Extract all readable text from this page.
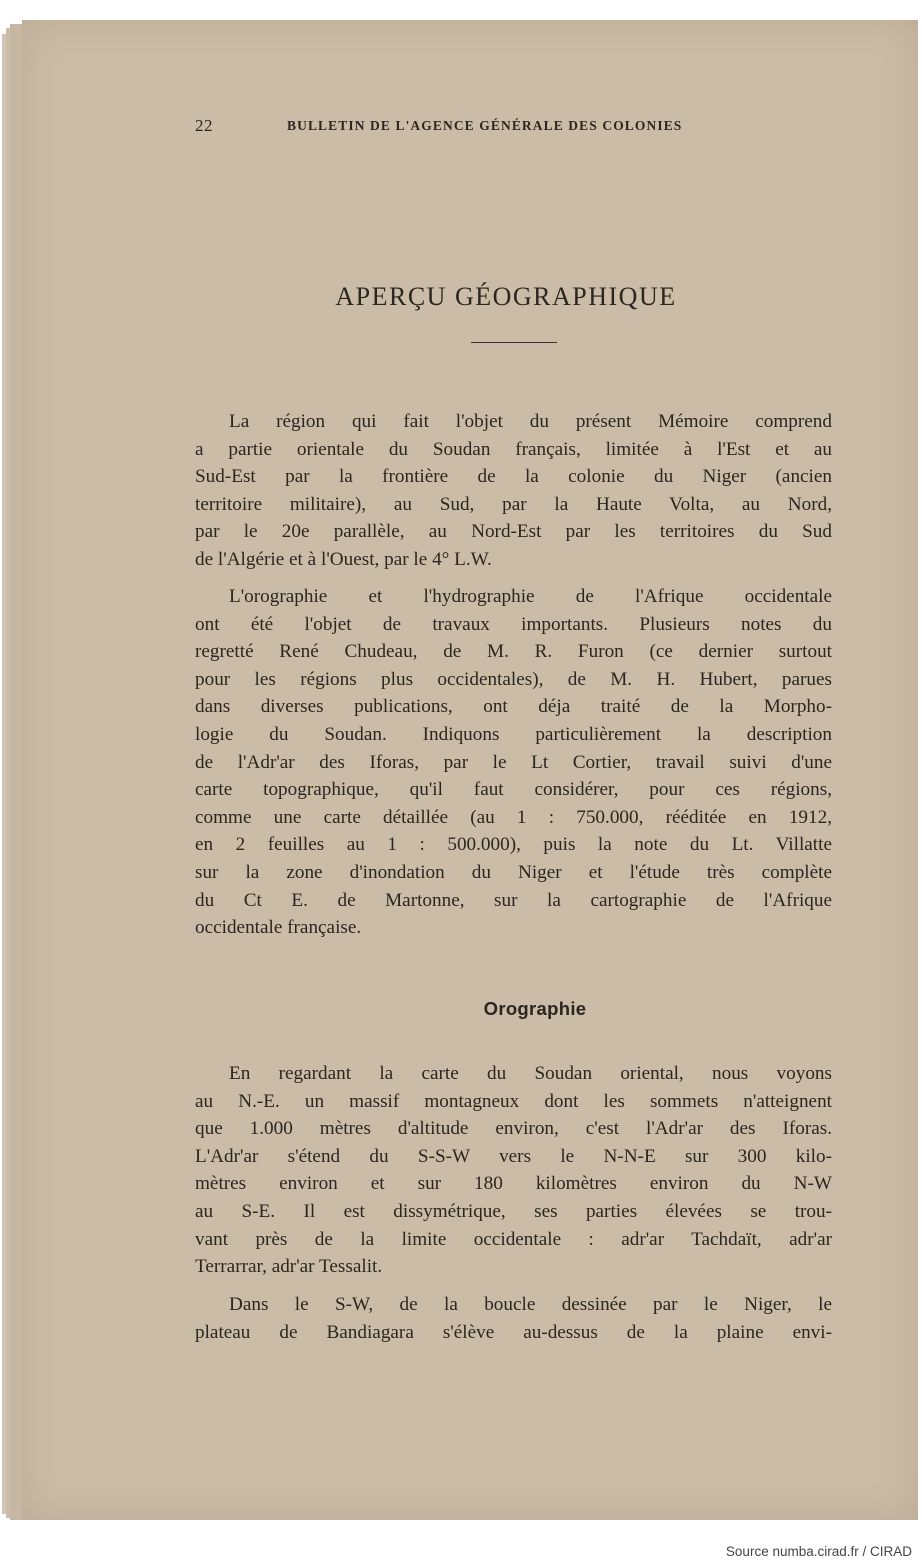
22	BULLETIN DE L'AGENCE GÉNÉRALE DES COLONIES
APERÇU GÉOGRAPHIQUE

La région qui fait l'objet du présent Mémoire comprend
a partie orientale du Soudan français, limitée à l'Est et au
Sud-Est par la frontière de la colonie du Niger (ancien
territoire militaire), au Sud, par la Haute Volta, au Nord,
par le 20e parallèle, au Nord-Est par les territoires du Sud
de l'Algérie et à l'Ouest, par le 4° L.W.

L'orographie et l'hydrographie de l'Afrique occidentale
ont été l'objet de travaux importants. Plusieurs notes du
regretté René Chudeau, de M. R. Furon (ce dernier surtout
pour les régions plus occidentales), de M. H. Hubert, parues
dans diverses publications, ont déja traité de la Morpho-
logie du Soudan. Indiquons particulièrement la description
de l'Adr'ar des Iforas, par le Lt Cortier, travail suivi d'une
carte topographique, qu'il faut considérer, pour ces régions,
comme une carte détaillée (au 1 : 750.000, rééditée en 1912,
en 2 feuilles au 1 : 500.000), puis la note du Lt. Villatte
sur la zone d'inondation du Niger et l'étude très complète
du Ct E. de Martonne, sur la cartographie de l'Afrique
occidentale française.

Orographie

En regardant la carte du Soudan oriental, nous voyons
au N.-E. un massif montagneux dont les sommets n'atteignent
que 1.000 mètres d'altitude environ, c'est l'Adr'ar des Iforas.
L'Adr'ar s'étend du S-S-W vers le N-N-E sur 300 kilo-
mètres environ et sur 180 kilomètres environ du N-W
au S-E. Il est dissymétrique, ses parties élevées se trou-
vant près de la limite occidentale : adr'ar Tachdaït, adr'ar
Terrarrar, adr'ar Tessalit.

Dans le S-W, de la boucle dessinée par le Niger, le
plateau de Bandiagara s'élève au-dessus de la plaine envi-

Source numba.cirad.fr / CIRAD
